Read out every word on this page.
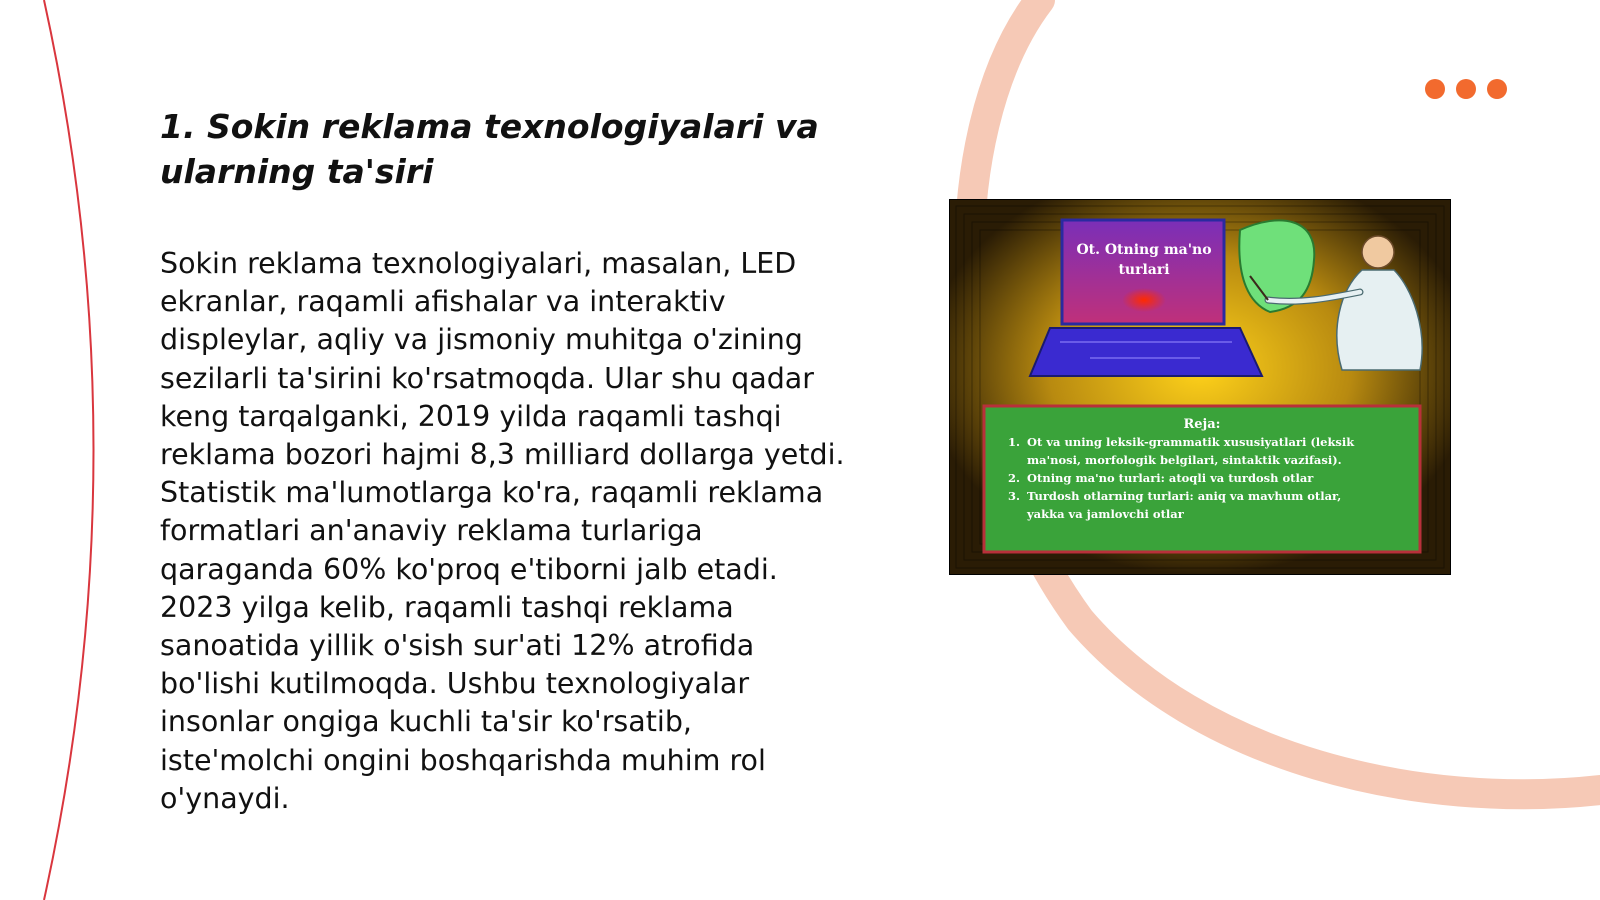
1. Sokin reklama texnologiyalari va ularning ta'siri

Sokin reklama texnologiyalari, masalan, LED ekranlar, raqamli afishalar va interaktiv displeylar, aqliy va jismoniy muhitga o'zining sezilarli ta'sirini ko'rsatmoqda. Ular shu qadar keng tarqalganki, 2019 yilda raqamli tashqi reklama bozori hajmi 8,3 milliard dollarga yetdi. Statistik ma'lumotlarga ko'ra, raqamli reklama formatlari an'anaviy reklama turlariga qaraganda 60% ko'proq e'tiborni jalb etadi. 2023 yilga kelib, raqamli tashqi reklama sanoatida yillik o'sish sur'ati 12% atrofida bo'lishi kutilmoqda. Ushbu texnologiyalar insonlar ongiga kuchli ta'sir ko'rsatib, iste'molchi ongini boshqarishda muhim rol o'ynaydi.

Ot. Otning ma'no
turlari
Reja:
1. Ot va uning leksik-grammatik xususiyatlari (leksik
ma'nosi, morfologik belgilari, sintaktik vazifasi).
2. Otning ma'no turlari: atoqli va turdosh otlar
3. Turdosh otlarning turlari: aniq va mavhum otlar,
yakka va jamlovchi otlar
